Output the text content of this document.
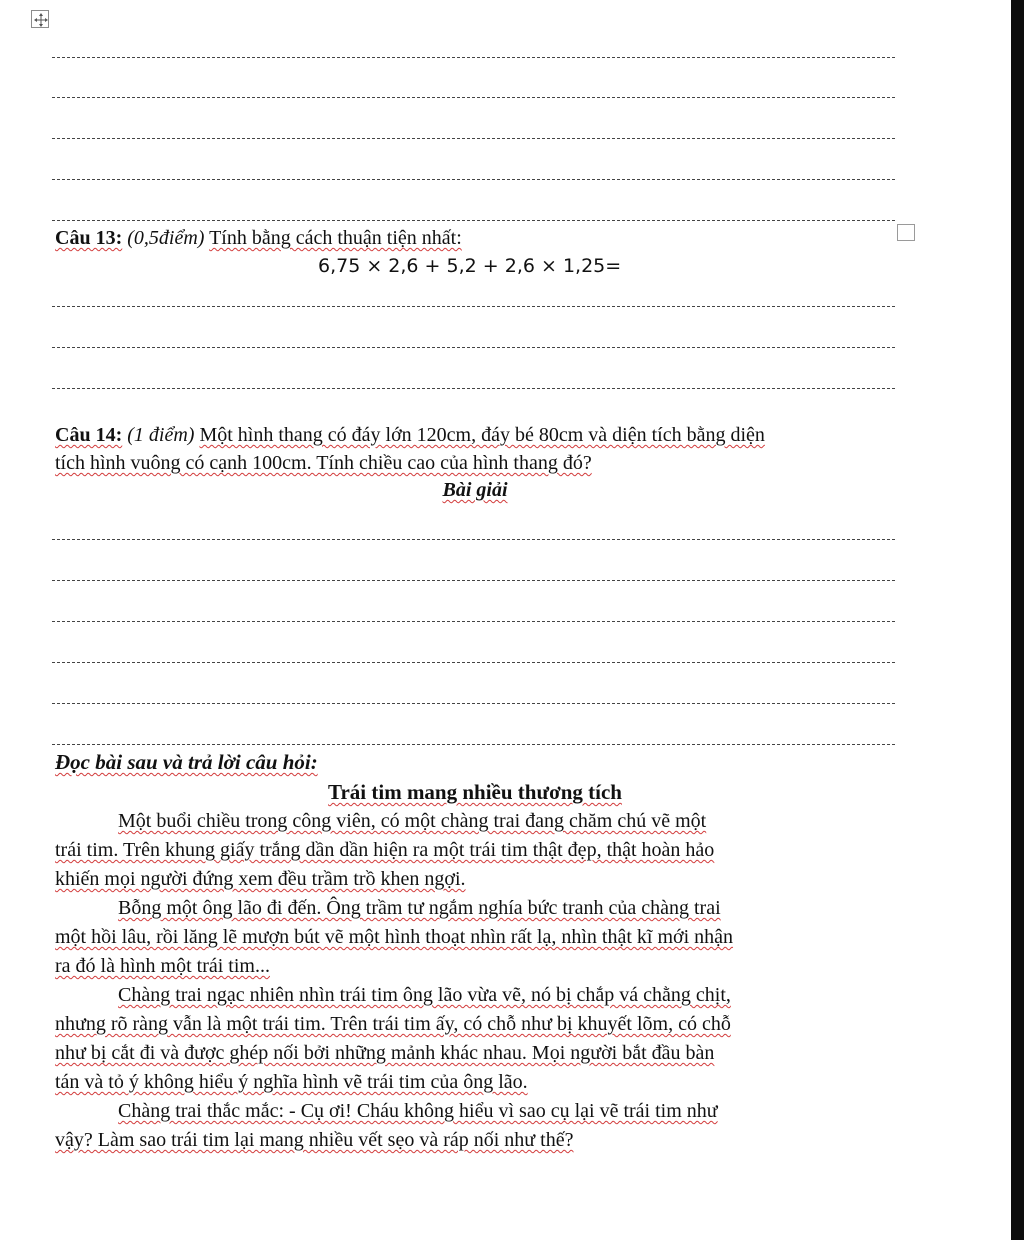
Câu 13: (0,5điểm) Tính bằng cách thuận tiện nhất:
6,75 × 2,6 + 5,2 + 2,6 × 1,25=
Câu 14: (1 điểm) Một hình thang có đáy lớn 120cm, đáy bé 80cm và diện tích bằng diện
tích hình vuông có cạnh 100cm. Tính chiều cao của hình thang đó?
Bài giải
Đọc bài sau và trả lời câu hỏi:
Trái tim mang nhiều thương tích
Một buổi chiều trong công viên, có một chàng trai đang chăm chú vẽ một
trái tim. Trên khung giấy trắng dần dần hiện ra một trái tim thật đẹp, thật hoàn hảo
khiến mọi người đứng xem đều trầm trồ khen ngợi.
Bỗng một ông lão đi đến. Ông trầm tư ngắm nghía bức tranh của chàng trai
một hồi lâu, rồi lăng lẽ mượn bút vẽ một hình thoạt nhìn rất lạ, nhìn thật kĩ mới nhận
ra đó là hình một trái tim...
Chàng trai ngạc nhiên nhìn trái tim ông lão vừa vẽ, nó bị chắp vá chằng chịt,
nhưng rõ ràng vẫn là một trái tim. Trên trái tim ấy, có chỗ như bị khuyết lõm, có chỗ
như bị cắt đi và được ghép nối bởi những mảnh khác nhau. Mọi người bắt đầu bàn
tán và tỏ ý không hiểu ý nghĩa hình vẽ trái tim của ông lão.
Chàng trai thắc mắc: - Cụ ơi! Cháu không hiểu vì sao cụ lại vẽ trái tim như
vậy? Làm sao trái tim lại mang nhiều vết sẹo và ráp nối như thế?
